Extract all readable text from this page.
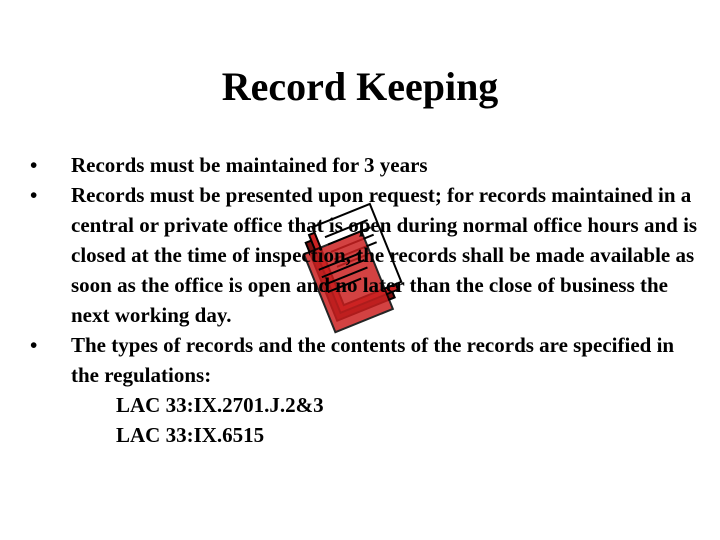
Record Keeping
• Records must be maintained for 3 years
• Records must be presented upon request; for records maintained in a central or private office that is open during normal office hours and is closed at the time of inspection, the records shall be made available as soon as the office is open and no later than the close of business the next working day.
• The types of records and the contents of the records are specified in the regulations:
LAC 33:IX.2701.J.2&3
LAC 33:IX.6515
